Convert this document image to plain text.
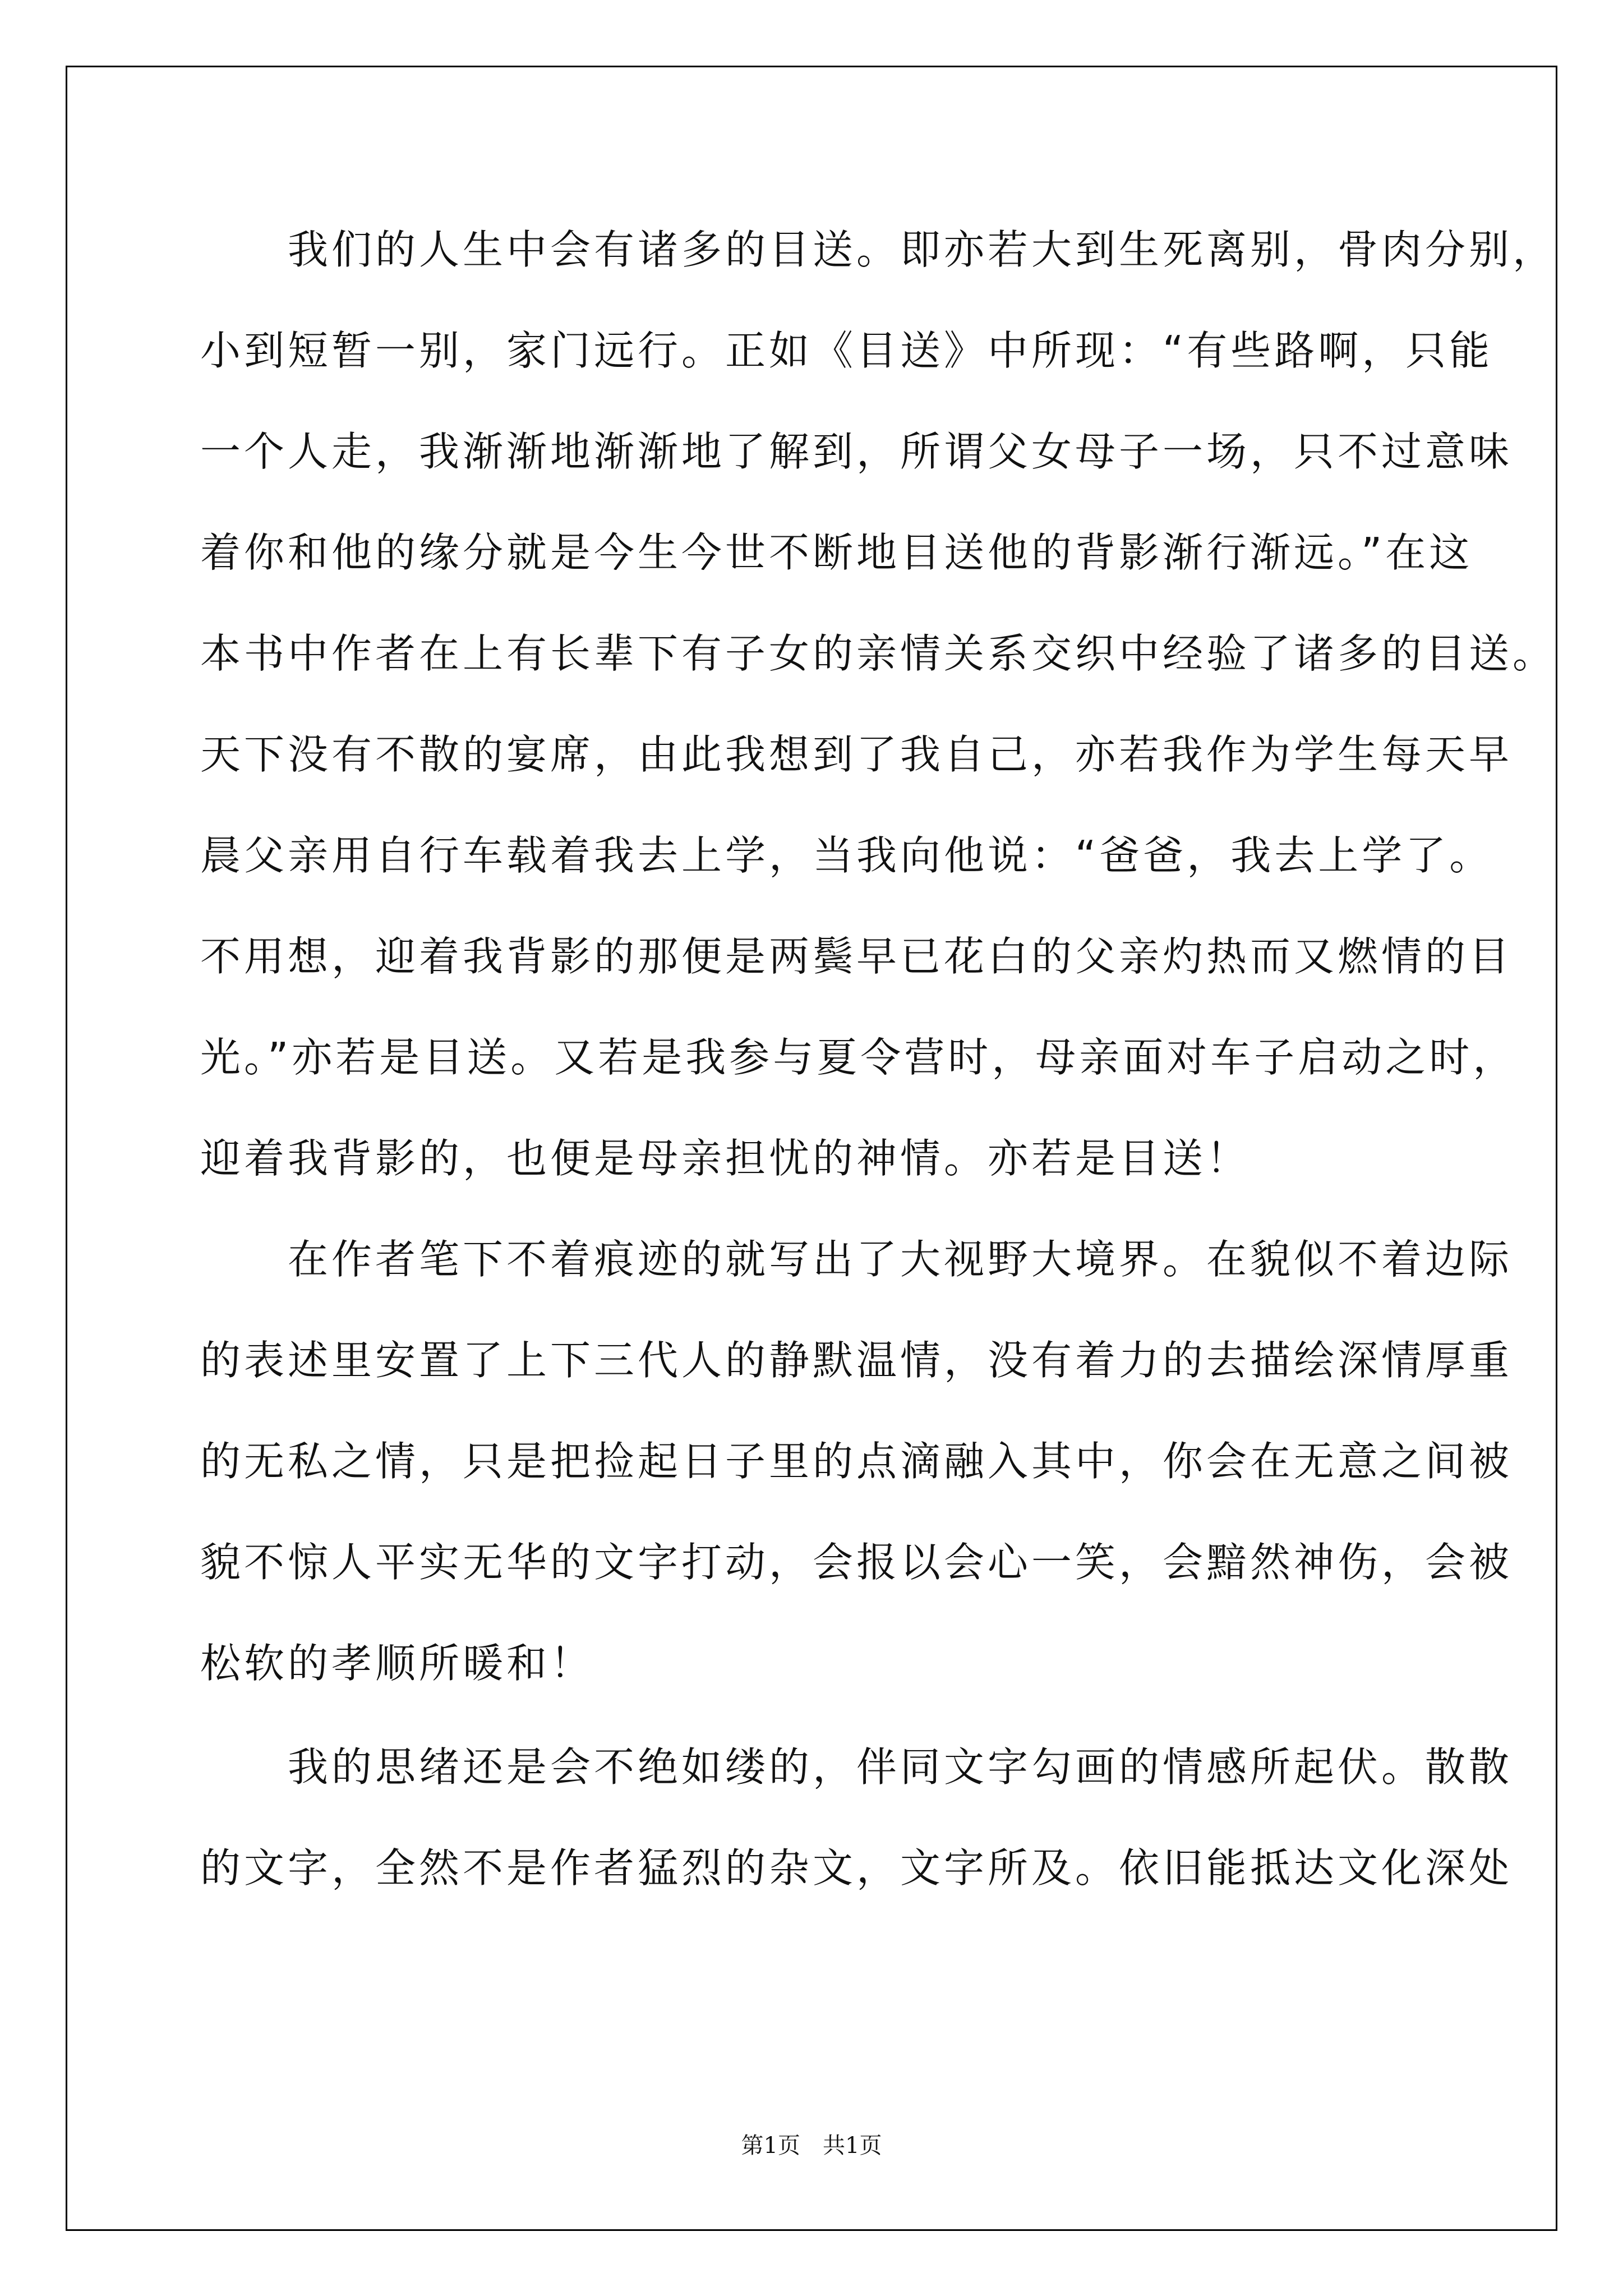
　　我们的人生中会有诸多的目送。即亦若大到生死离别，骨肉分别，
小到短暂一别，家门远行。正如《目送》中所现：“有些路啊，只能
一个人走，我渐渐地渐渐地了解到，所谓父女母子一场，只不过意味
着你和他的缘分就是今生今世不断地目送他的背影渐行渐远。”在这
本书中作者在上有长辈下有子女的亲情关系交织中经验了诸多的目送。
天下没有不散的宴席，由此我想到了我自己，亦若我作为学生每天早
晨父亲用自行车载着我去上学，当我向他说：“爸爸，我去上学了。
不用想，迎着我背影的那便是两鬓早已花白的父亲灼热而又燃情的目
光。”亦若是目送。又若是我参与夏令营时，母亲面对车子启动之时，
迎着我背影的，也便是母亲担忧的神情。亦若是目送！
　　在作者笔下不着痕迹的就写出了大视野大境界。在貌似不着边际
的表述里安置了上下三代人的静默温情，没有着力的去描绘深情厚重
的无私之情，只是把捡起日子里的点滴融入其中，你会在无意之间被
貌不惊人平实无华的文字打动，会报以会心一笑，会黯然神伤，会被
松软的孝顺所暖和！
　　我的思绪还是会不绝如缕的，伴同文字勾画的情感所起伏。散散
的文字，全然不是作者猛烈的杂文，文字所及。依旧能抵达文化深处
第1页　共1页
